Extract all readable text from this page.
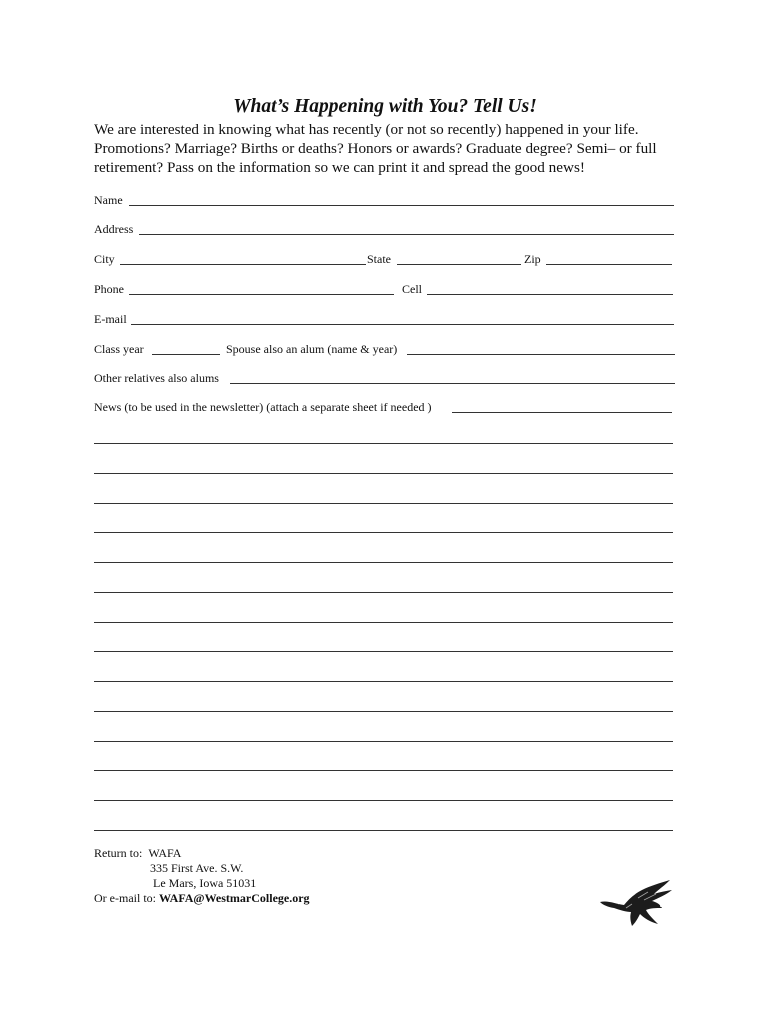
What’s Happening with You? Tell Us!

We are interested in knowing what has recently (or not so recently) happened in your life. Promotions? Marriage? Births or deaths? Honors or awards? Graduate degree? Semi– or full retirement? Pass on the information so we can print it and spread the good news!

Name
Address
City	State	Zip
Phone	Cell
E-mail
Class year	Spouse also an alum (name & year)
Other relatives also alums
News (to be used in the newsletter) (attach a separate sheet if needed )
Return to: WAFA
335 First Ave. S.W.
Le Mars, Iowa 51031
Or e-mail to: WAFA@WestmarCollege.org
